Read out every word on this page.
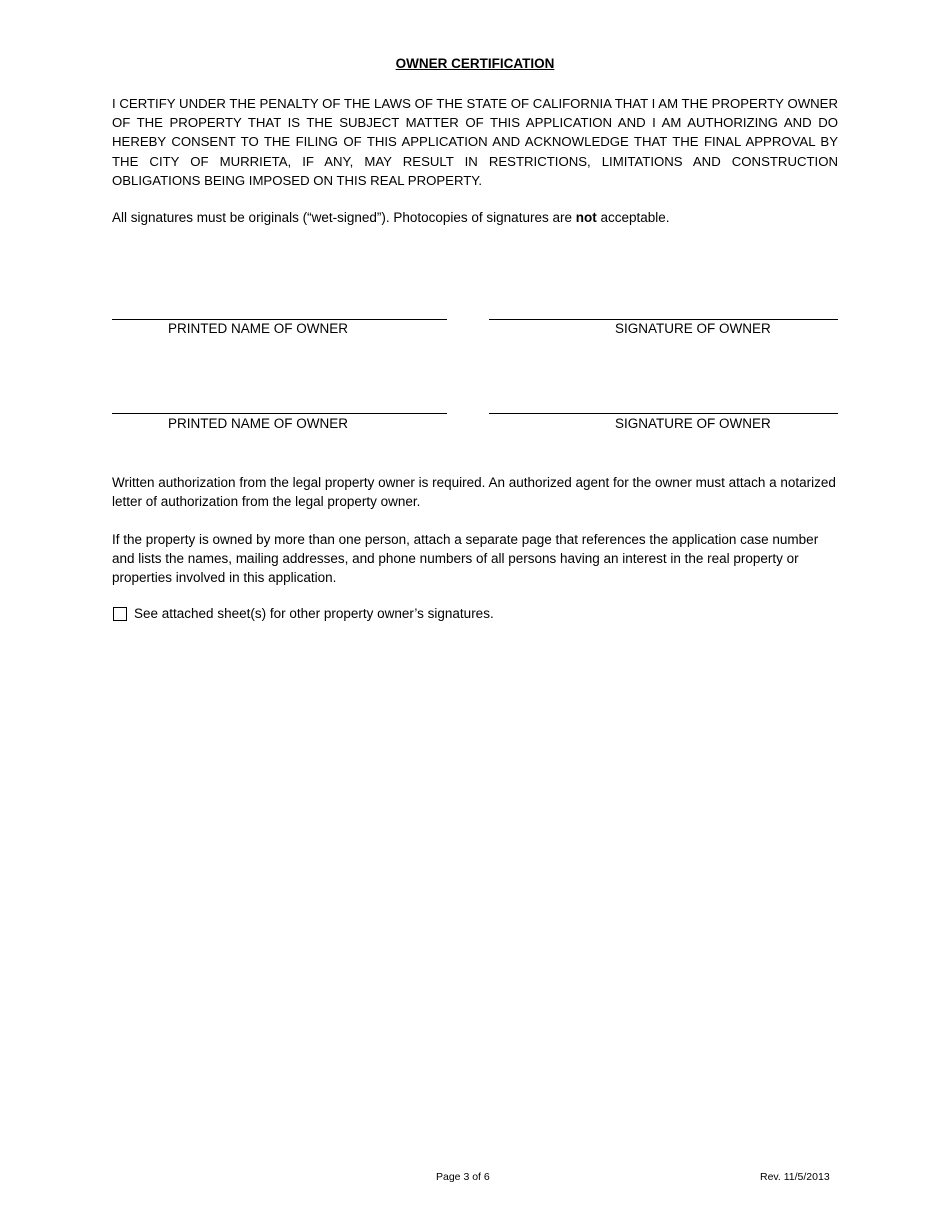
OWNER CERTIFICATION
I CERTIFY UNDER THE PENALTY OF THE LAWS OF THE STATE OF CALIFORNIA THAT I AM THE PROPERTY OWNER OF THE PROPERTY THAT IS THE SUBJECT MATTER OF THIS APPLICATION AND I AM AUTHORIZING AND DO HEREBY CONSENT TO THE FILING OF THIS APPLICATION AND ACKNOWLEDGE THAT THE FINAL APPROVAL BY THE CITY OF MURRIETA, IF ANY, MAY RESULT IN RESTRICTIONS, LIMITATIONS AND CONSTRUCTION OBLIGATIONS BEING IMPOSED ON THIS REAL PROPERTY.
All signatures must be originals (“wet-signed”). Photocopies of signatures are not acceptable.
PRINTED NAME OF OWNER	SIGNATURE OF OWNER
PRINTED NAME OF OWNER	SIGNATURE OF OWNER
Written authorization from the legal property owner is required. An authorized agent for the owner must attach a notarized letter of authorization from the legal property owner.
If the property is owned by more than one person, attach a separate page that references the application case number and lists the names, mailing addresses, and phone numbers of all persons having an interest in the real property or properties involved in this application.
See attached sheet(s) for other property owner’s signatures.
Page 3 of 6	Rev. 11/5/2013
